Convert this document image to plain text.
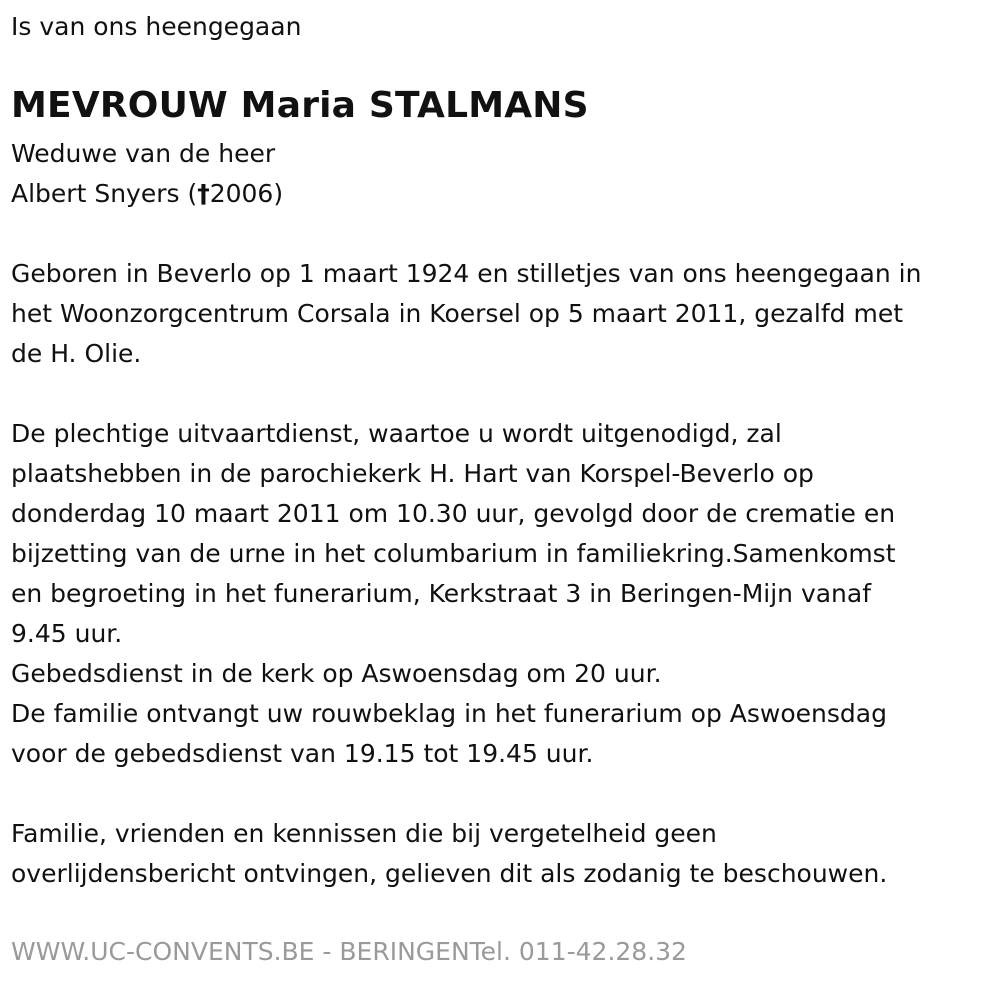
Is van ons heengegaan
MEVROUW Maria STALMANS

Weduwe van de heer

Albert Snyers (†2006)

Geboren in Beverlo op 1 maart 1924 en stilletjes van ons heengegaan in

het Woonzorgcentrum Corsala in Koersel op 5 maart 2011, gezalfd met

de H. Olie.

De plechtige uitvaartdienst, waartoe u wordt uitgenodigd, zal

plaatshebben in de parochiekerk H. Hart van Korspel-Beverlo op

donderdag 10 maart 2011 om 10.30 uur, gevolgd door de crematie en

bijzetting van de urne in het columbarium in familiekring.Samenkomst

en begroeting in het funerarium, Kerkstraat 3 in Beringen-Mijn vanaf

9.45 uur.

Gebedsdienst in de kerk op Aswoensdag om 20 uur.

De familie ontvangt uw rouwbeklag in het funerarium op Aswoensdag

voor de gebedsdienst van 19.15 tot 19.45 uur.

Familie, vrienden en kennissen die bij vergetelheid geen

overlijdensbericht ontvingen, gelieven dit als zodanig te beschouwen.

WWW.UC-CONVENTS.BE - BERINGENTel. 011-42.28.32
